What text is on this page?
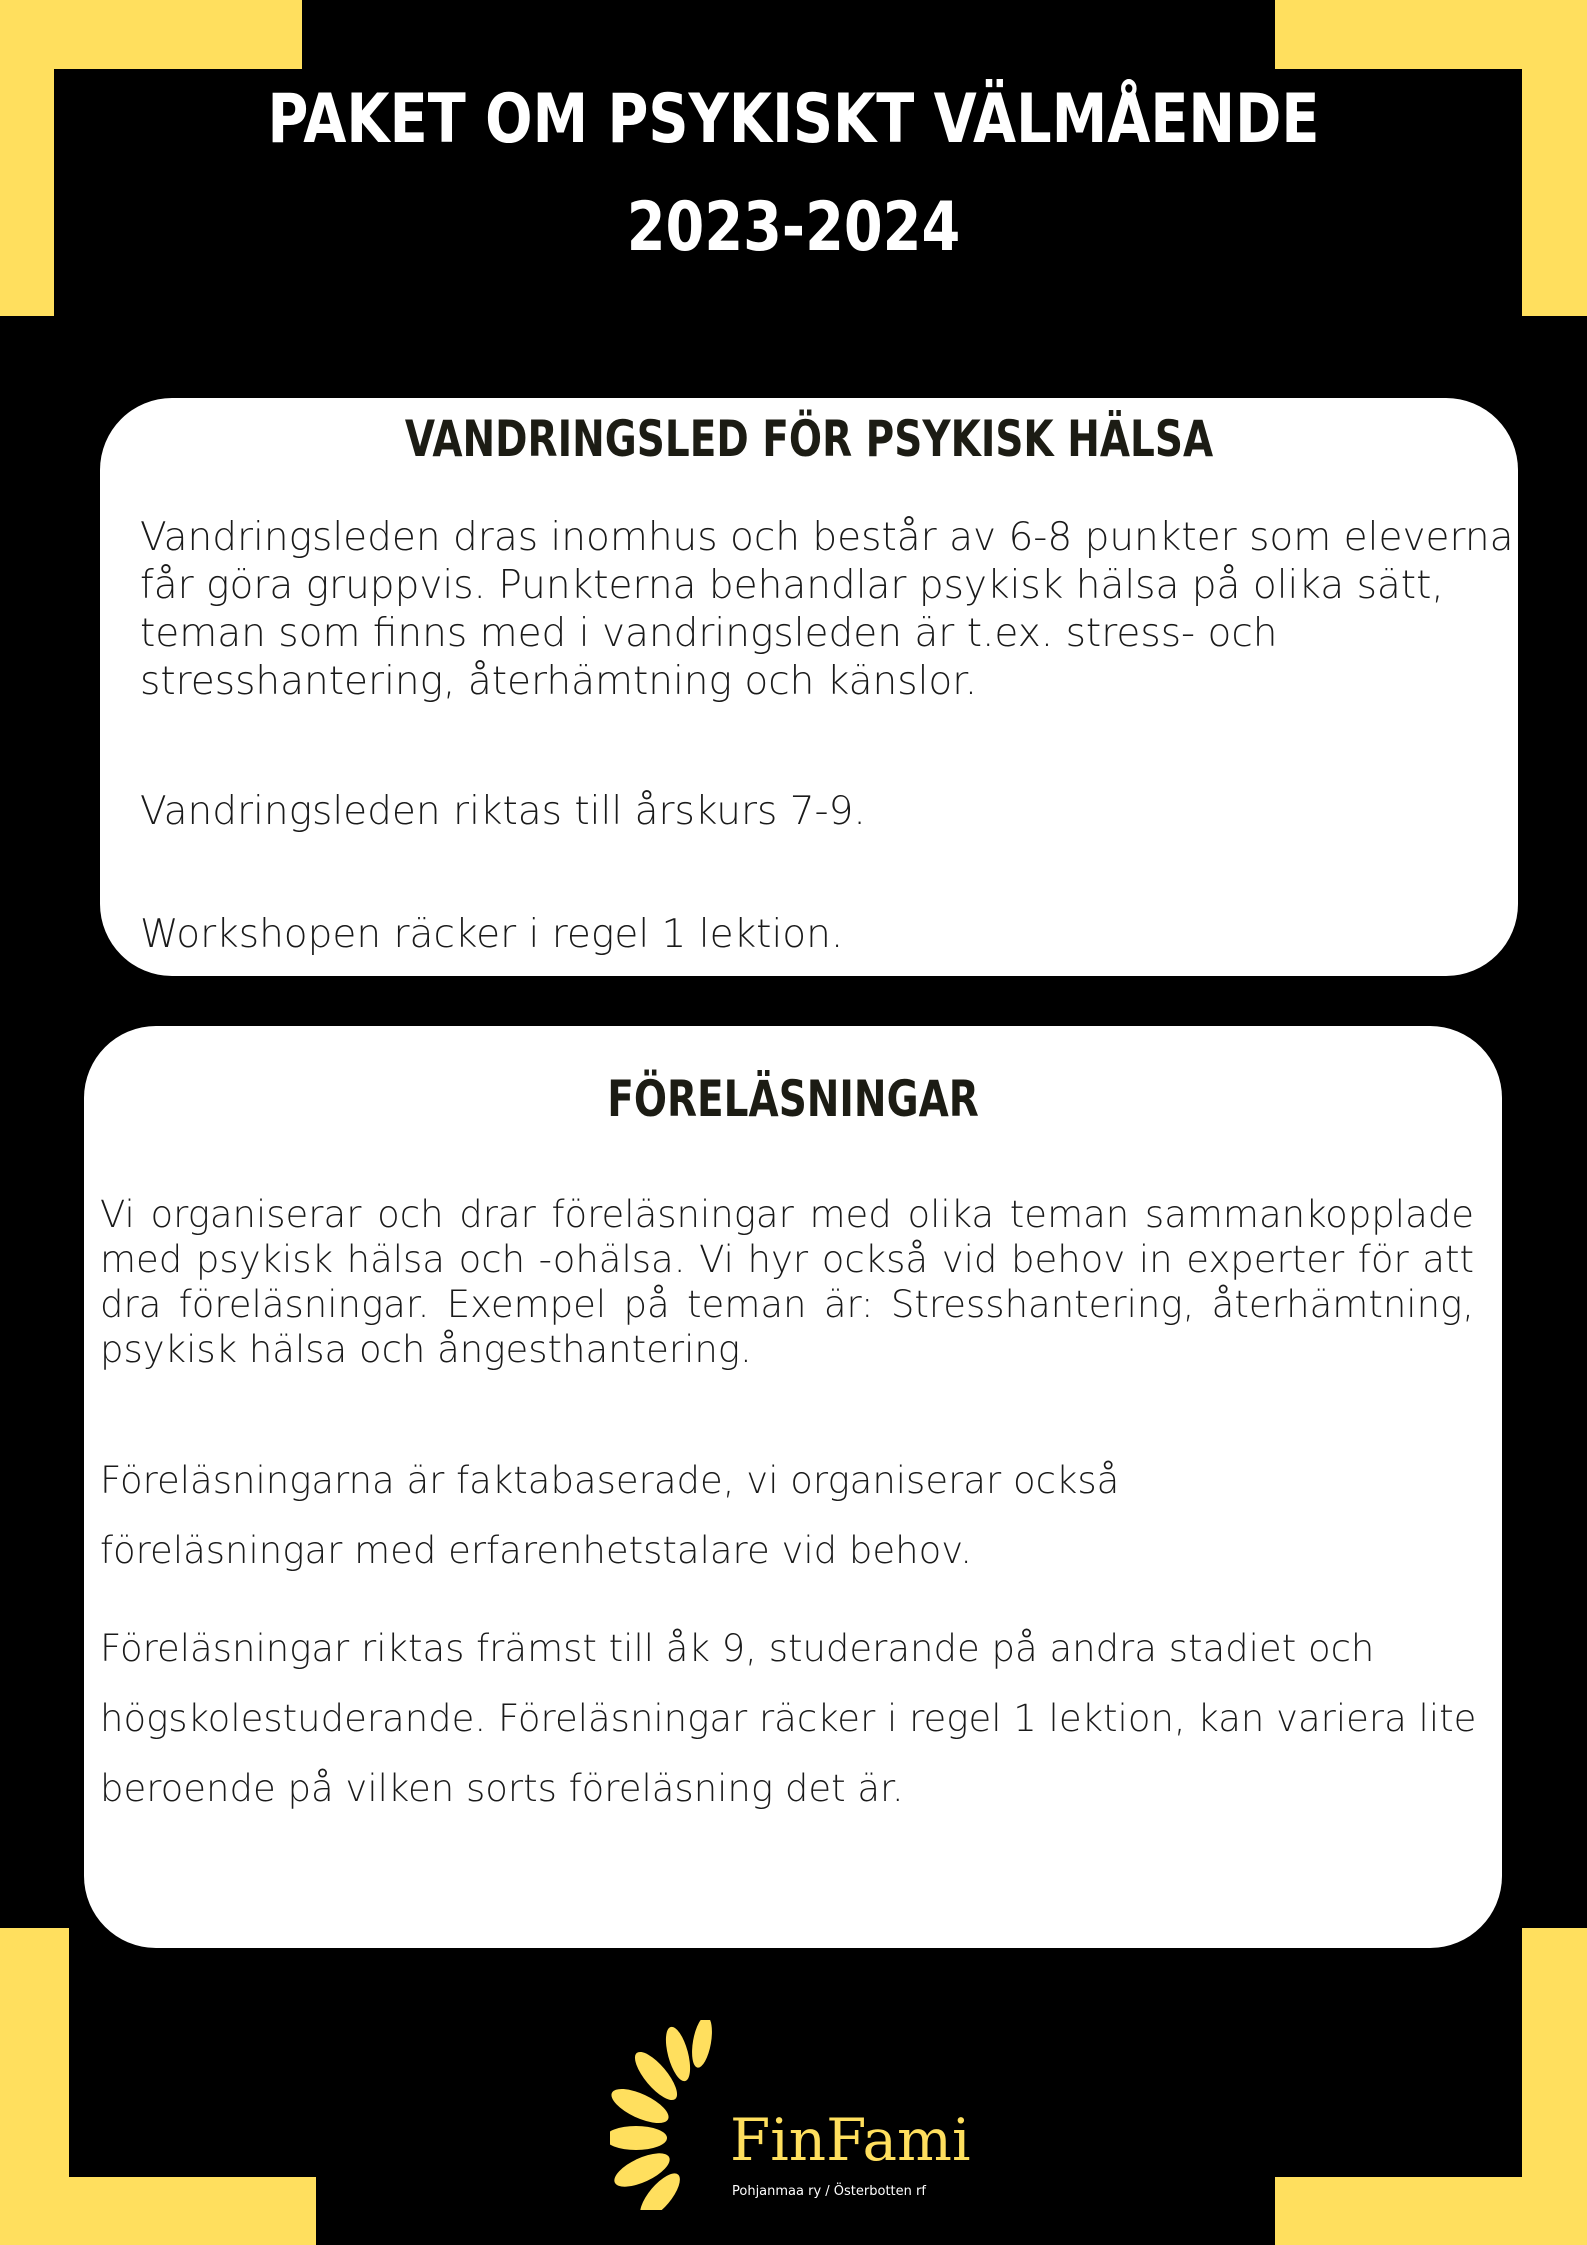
PAKET OM PSYKISKT VÄLMÅENDE
2023-2024
VANDRINGSLED FÖR PSYKISK HÄLSA

Vandringsleden dras inomhus och består av 6-8 punkter som eleverna får göra gruppvis. Punkterna behandlar psykisk hälsa på olika sätt, teman som finns med i vandringsleden är t.ex. stress- och stresshantering, återhämtning och känslor.

Vandringsleden riktas till årskurs 7-9.

Workshopen räcker i regel 1 lektion.

FÖRELÄSNINGAR

Vi organiserar och drar föreläsningar med olika teman sammankopplade med psykisk hälsa och -ohälsa. Vi hyr också vid behov in experter för att dra föreläsningar. Exempel på teman är: Stresshantering, återhämtning, psykisk hälsa och ångesthantering.

Föreläsningarna är faktabaserade, vi organiserar också föreläsningar med erfarenhetstalare vid behov.

Föreläsningar riktas främst till åk 9, studerande på andra stadiet och högskolestuderande. Föreläsningar räcker i regel 1 lektion, kan variera lite beroende på vilken sorts föreläsning det är.

FinFami
Pohjanmaa ry / Österbotten rf
